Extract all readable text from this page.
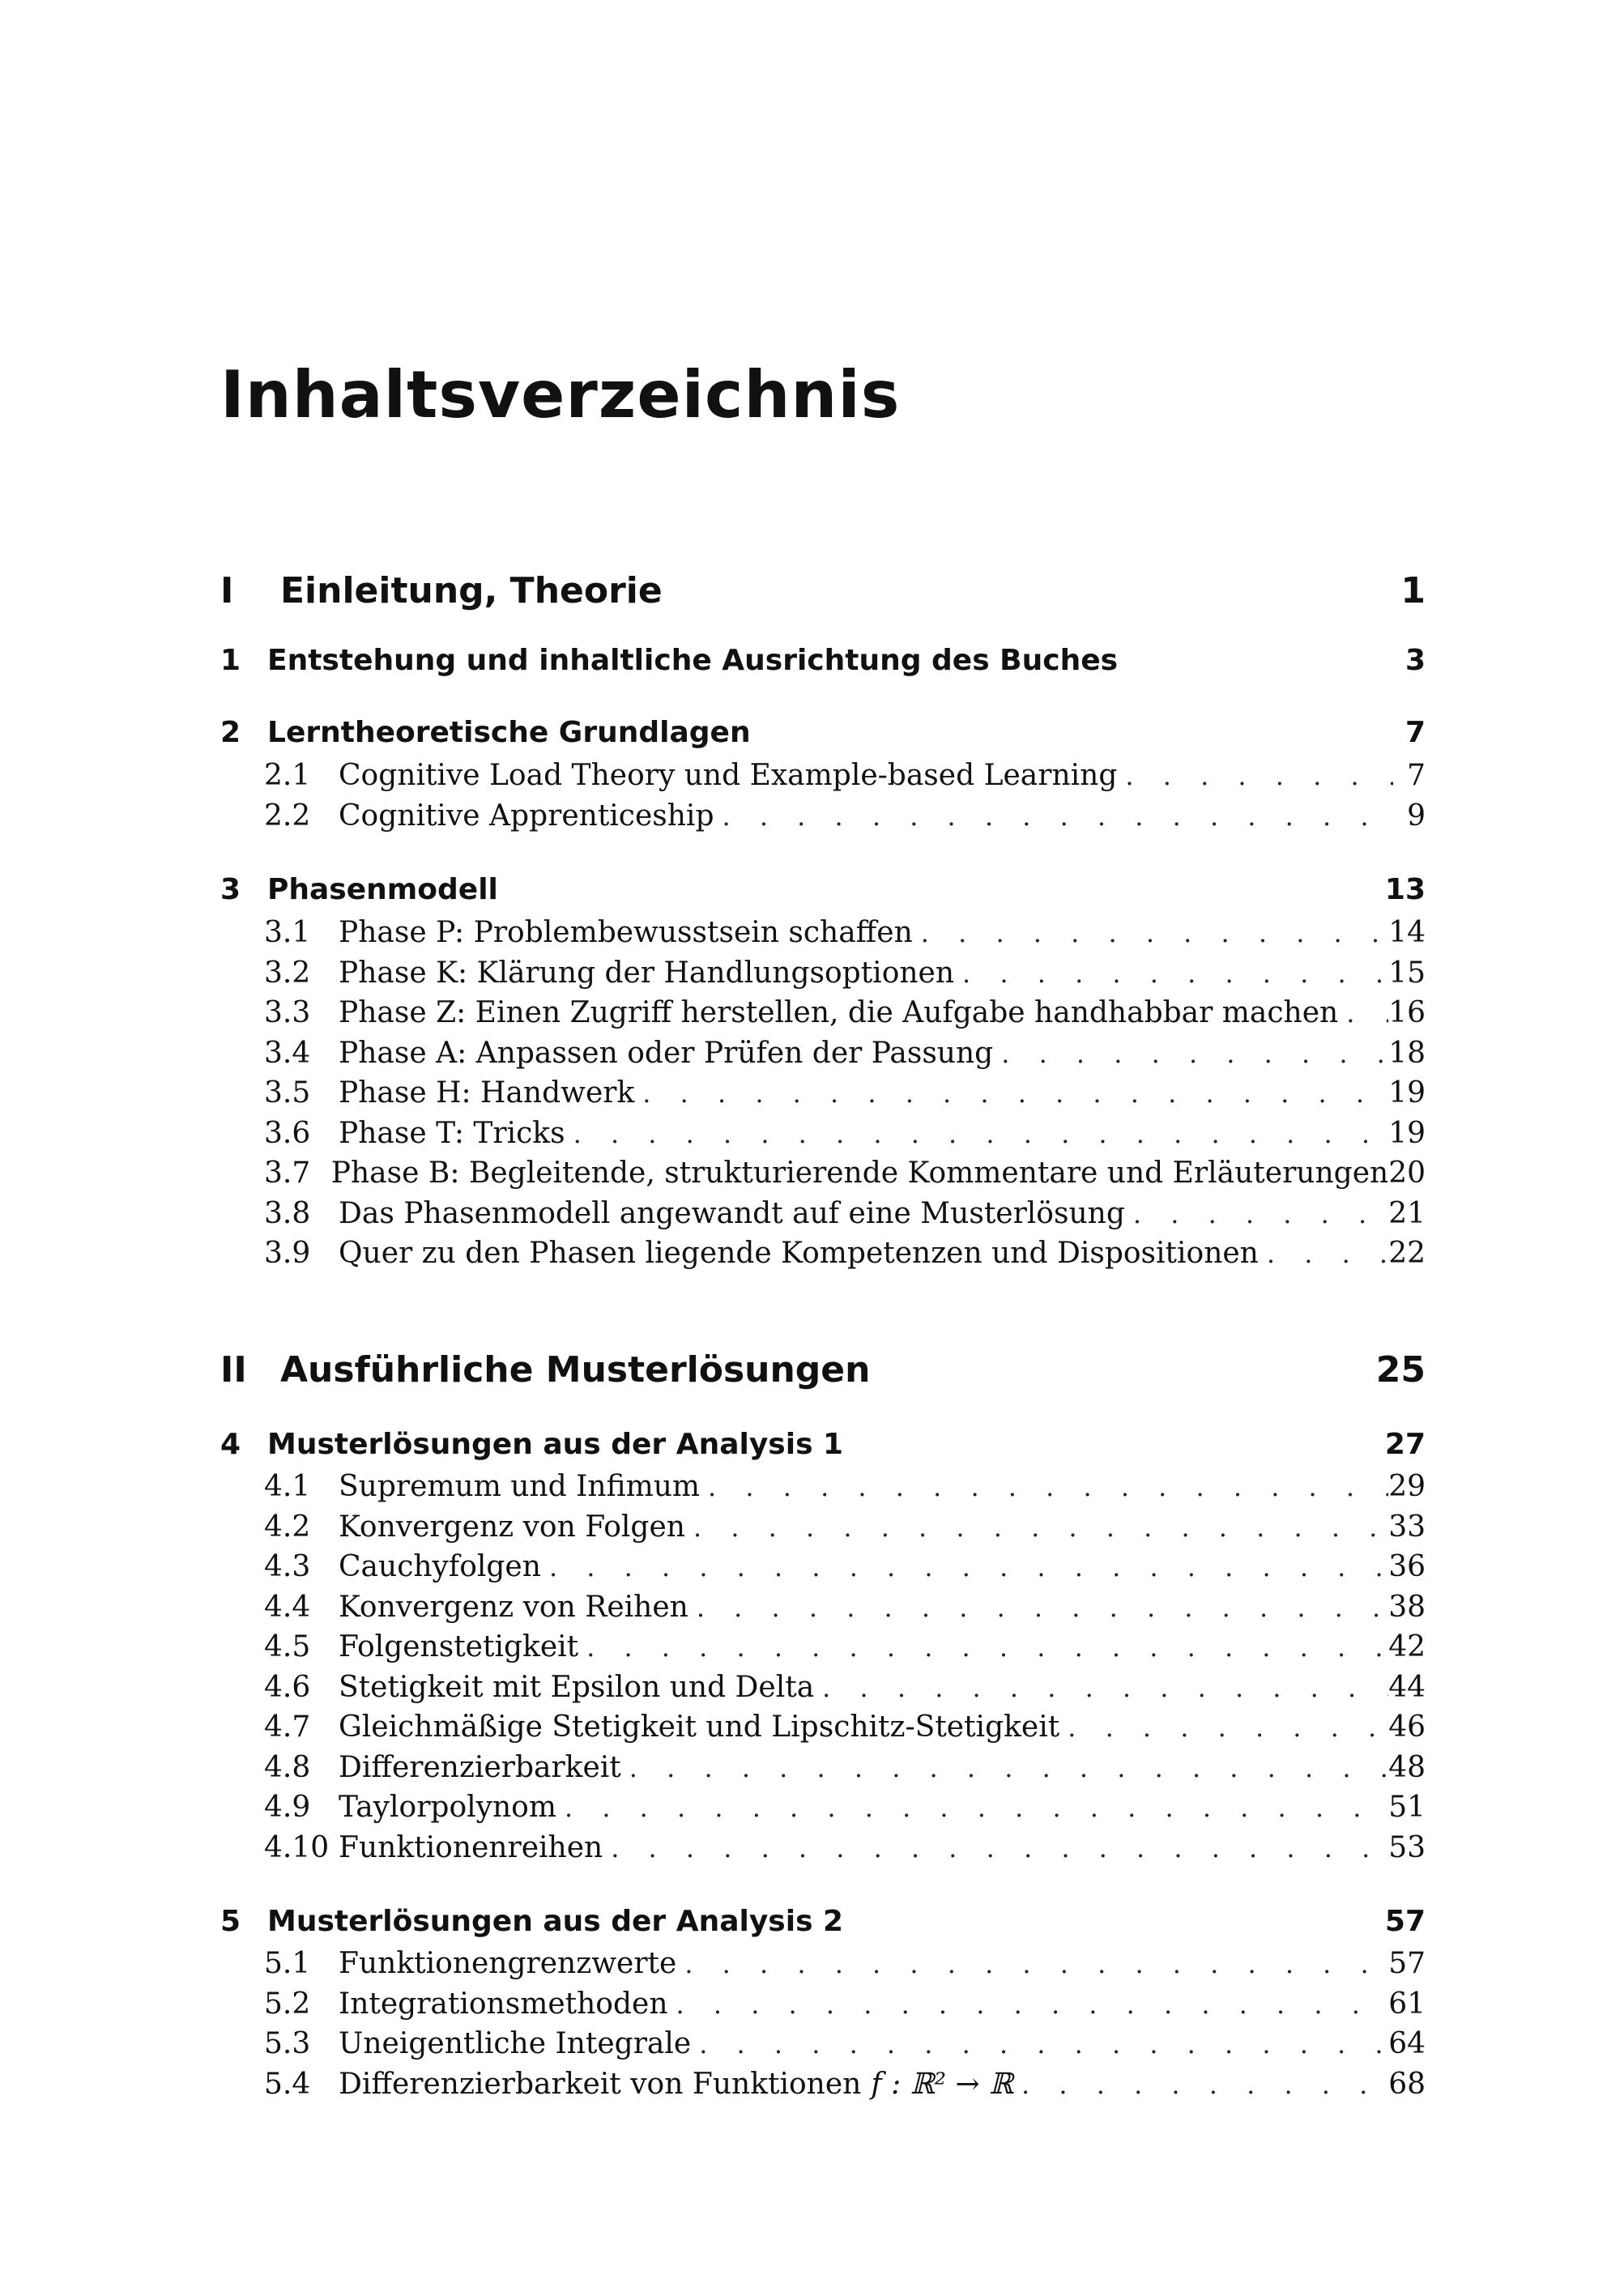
Inhaltsverzeichnis
I	Einleitung, Theorie	1
1 Entstehung und inhaltliche Ausrichtung des Buches	3
2 Lerntheoretische Grundlagen	7
2.1 Cognitive Load Theory und Example-based Learning . . .	7
2.2 Cognitive Apprenticeship . . .	9
3 Phasenmodell	13
3.1 Phase P: Problembewusstsein schaffen . . .	14
3.2 Phase K: Klärung der Handlungsoptionen . . .	15
3.3 Phase Z: Einen Zugriff herstellen, die Aufgabe handhabbar machen . . . 16
3.4 Phase A: Anpassen oder Prüfen der Passung . . .	18
3.5 Phase H: Handwerk . . .	19
3.6 Phase T: Tricks . . .	19
3.7 Phase B: Begleitende, strukturierende Kommentare und Erläuterungen 20
3.8 Das Phasenmodell angewandt auf eine Musterlösung . . .	21
3.9 Quer zu den Phasen liegende Kompetenzen und Dispositionen . . .	22
II Ausführliche Musterlösungen	25
4 Musterlösungen aus der Analysis 1	27
4.1 Supremum und Infimum . . .	29
4.2 Konvergenz von Folgen . . .	33
4.3 Cauchyfolgen . . .	36
4.4 Konvergenz von Reihen . . .	38
4.5 Folgenstetigkeit . . .	42
4.6 Stetigkeit mit Epsilon und Delta . . .	44
4.7 Gleichmäßige Stetigkeit und Lipschitz-Stetigkeit . . .	46
4.8 Differenzierbarkeit . . .	48
4.9 Taylorpolynom . . .	51
4.10 Funktionenreihen . . .	53
5 Musterlösungen aus der Analysis 2	57
5.1 Funktionengrenzwerte . . .	57
5.2 Integrationsmethoden . . .	61
5.3 Uneigentliche Integrale . . .	64
5.4 Differenzierbarkeit von Funktionen f : ℝ² → ℝ . . .	68
